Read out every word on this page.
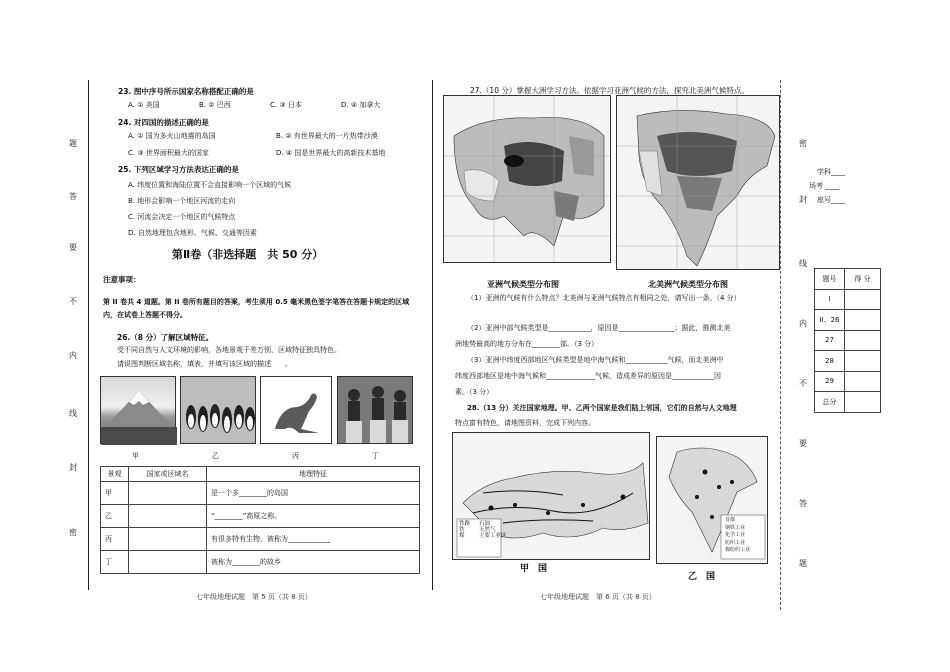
题
答
要
不
内
线
封
密
密
封
线
内
不
要
答
题
学科____
场考 ____
座号____
题号	得 分
I	
II、26	
27	
28	
29	
总分	
23. 图中序号所示国家名称搭配正确的是
A. ① 美国	B. ② 巴西	C. ③ 日本	D. ④ 加拿大
24. 对四国的描述正确的是
A. ① 国为多火山地震的岛国	B. ② 有世界最大的一片热带沙漠
C. ③ 世界面积最大的国家	D. ④ 国是世界最大的高新技术基地
25. 下列区域学习方法表达正确的是
A. 纬度位置和海陆位置不会直接影响一个区域的气候
B. 地形会影响一个地区河流的走向
C. 河流会决定一个地区的气候特点
D. 自然地理包含地形、气候、交通等因素
第Ⅱ卷（非选择题　共 50 分）
注意事项：
第 II 卷共 4 道题。第 II 卷所有题目的答案，考生须用 0.5 毫米黑色签字笔答在答题卡规定的区域内，在试卷上答题不得分。
26.（8 分）了解区域特征。
受不同自然与人文环境的影响，各地景观千差万别，区域特征独具特色。
请说图判断区域名称，填表，并填写该区域的描述　　。
甲	乙	丙	丁
景观	国家或区域名	地理特征
甲		是一个多________的岛国
乙		“________”高原之称。
丙		有很多特有生物，被称为____________
丁		被称为________的故乡
七年级地理试题　第 5 页（共 8 页）
27.（10 分）掌握大洲学习方法。依据学习亚洲气候的方法，探究北美洲气候特点。
亚洲气候类型分布图	北美洲气候类型分布图
（1）亚洲的气候有什么特点？北美洲与亚洲气候特点有相同之处，请写出一条。（4 分）
（2）亚洲中部气候类型是____________，原因是________________；据此，推测北美
洲地势最高的地方分布在________部。（3 分）
（3）亚洲中纬度西部地区气候类型是地中海气候和____________气候，而北美洲中
纬度西部地区是地中海气候和______________气候，造成差异的原因是____________因
素。（3 分）
28.（13 分）关注国家地理。甲、乙两个国家是我们陆上邻国，它们的自然与人文地理
特点富有特色，请地图资料，完成下列内容。
铁路
铁
煤
石油
天然气
主要工业区
首都
钢铁工业
化学工业
纺织工业
棉纺织工业
甲　国
乙　国
七年级地理试题　第 6 页（共 8 页）
